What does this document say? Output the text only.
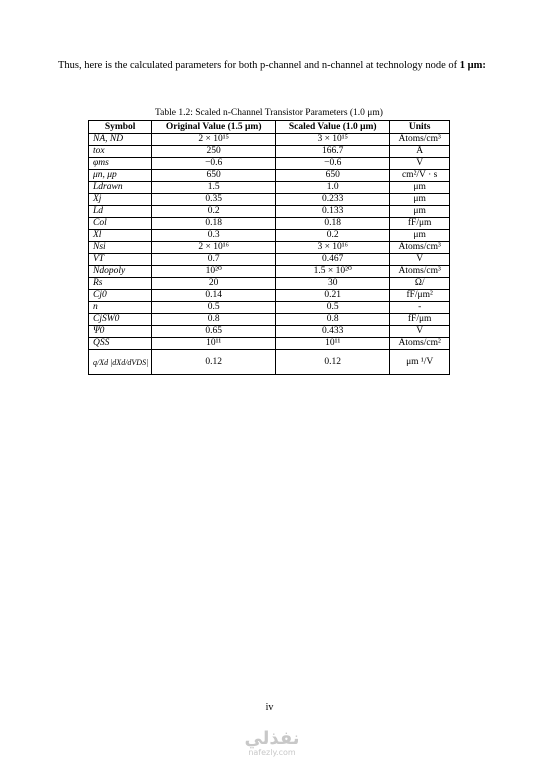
Thus, here is the calculated parameters for both p-channel and n-channel at technology node of 1 μm:

Table 1.2: Scaled n-Channel Transistor Parameters (1.0 μm)
Symbol	Original Value (1.5 μm)	Scaled Value (1.0 μm)	Units
NA, ND	2 × 10¹⁵	3 × 10¹⁵	Atoms/cm³
tox	250	166.7	Å
φms	−0.6	−0.6	V
μn, μp	650	650	cm²/V · s
Ldrawn	1.5	1.0	μm
Xj	0.35	0.233	μm
Ld	0.2	0.133	μm
Col	0.18	0.18	fF/μm
Xl	0.3	0.2	μm
Nsi	2 × 10¹⁶	3 × 10¹⁶	Atoms/cm³
VT	0.7	0.467	V
Ndopoly	10²⁰	1.5 × 10²⁰	Atoms/cm³
Rs	20	30	Ω/
Cj0	0.14	0.21	fF/μm²
n	0.5	0.5	-
CjSW0	0.8	0.8	fF/μm
Ψ0	0.65	0.433	V
QSS	10¹¹	10¹¹	Atoms/cm²
q/Xd |dXd/dVDS|	0.12	0.12	μm ¹/V
iv
نفذلي
nafezly.com
